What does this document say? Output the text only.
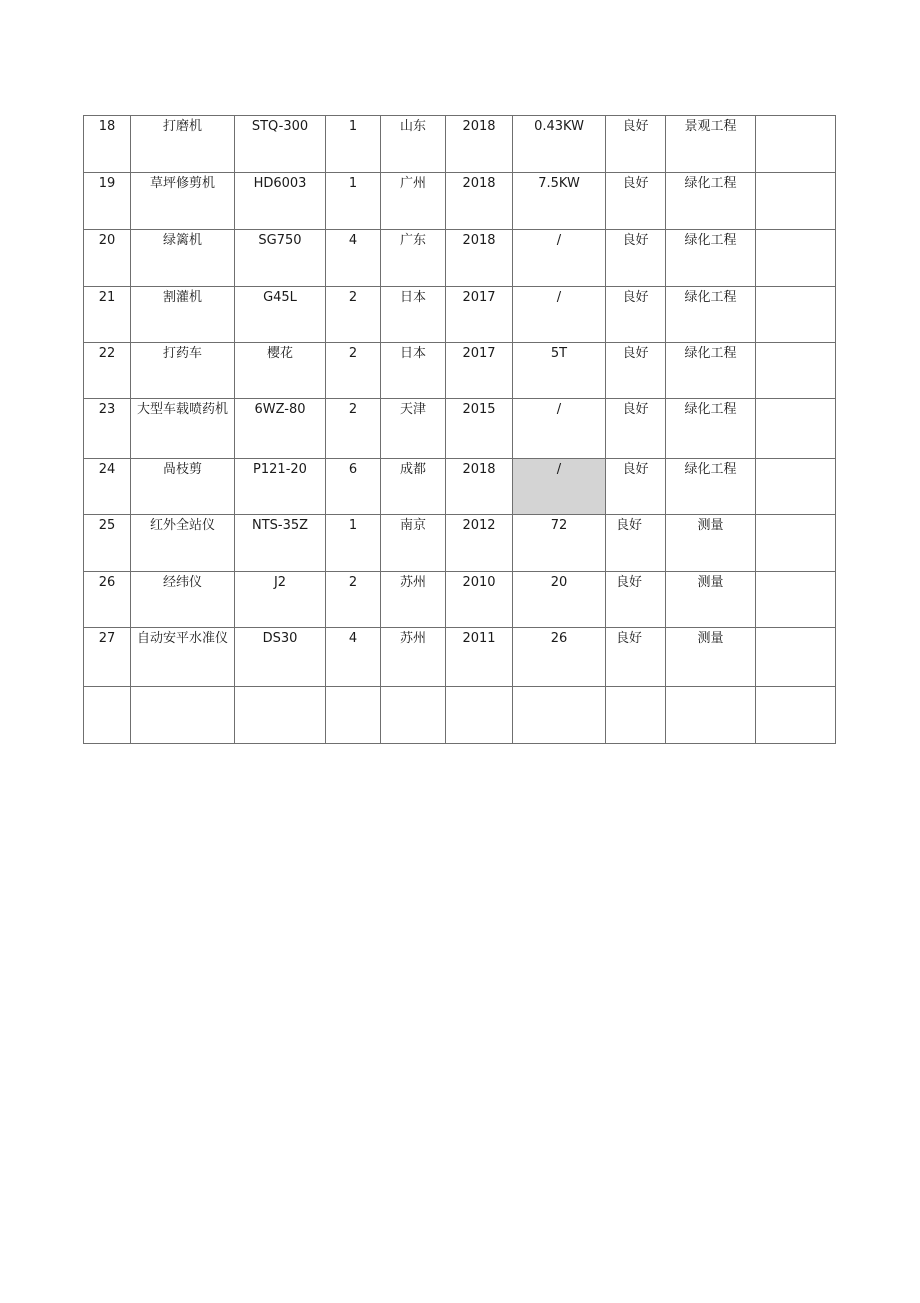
18	打磨机	STQ-300	1	山东	2018	0.43KW	良好	景观工程	
19	草坪修剪机	HD6003	1	广州	2018	7.5KW	良好	绿化工程	
20	绿篱机	SG750	4	广东	2018	/	良好	绿化工程	
21	割灌机	G45L	2	日本	2017	/	良好	绿化工程	
22	打药车	樱花	2	日本	2017	5T	良好	绿化工程	
23	大型车载喷药机	6WZ-80	2	天津	2015	/	良好	绿化工程	
24	咼枝剪	P121-20	6	成都	2018	/	良好	绿化工程	
25	红外全站仪	NTS-35Z	1	南京	2012	72	良好	测量	
26	经纬仪	J2	2	苏州	2010	20	良好	测量	
27	自动安平水准仪	DS30	4	苏州	2011	26	良好	测量	
